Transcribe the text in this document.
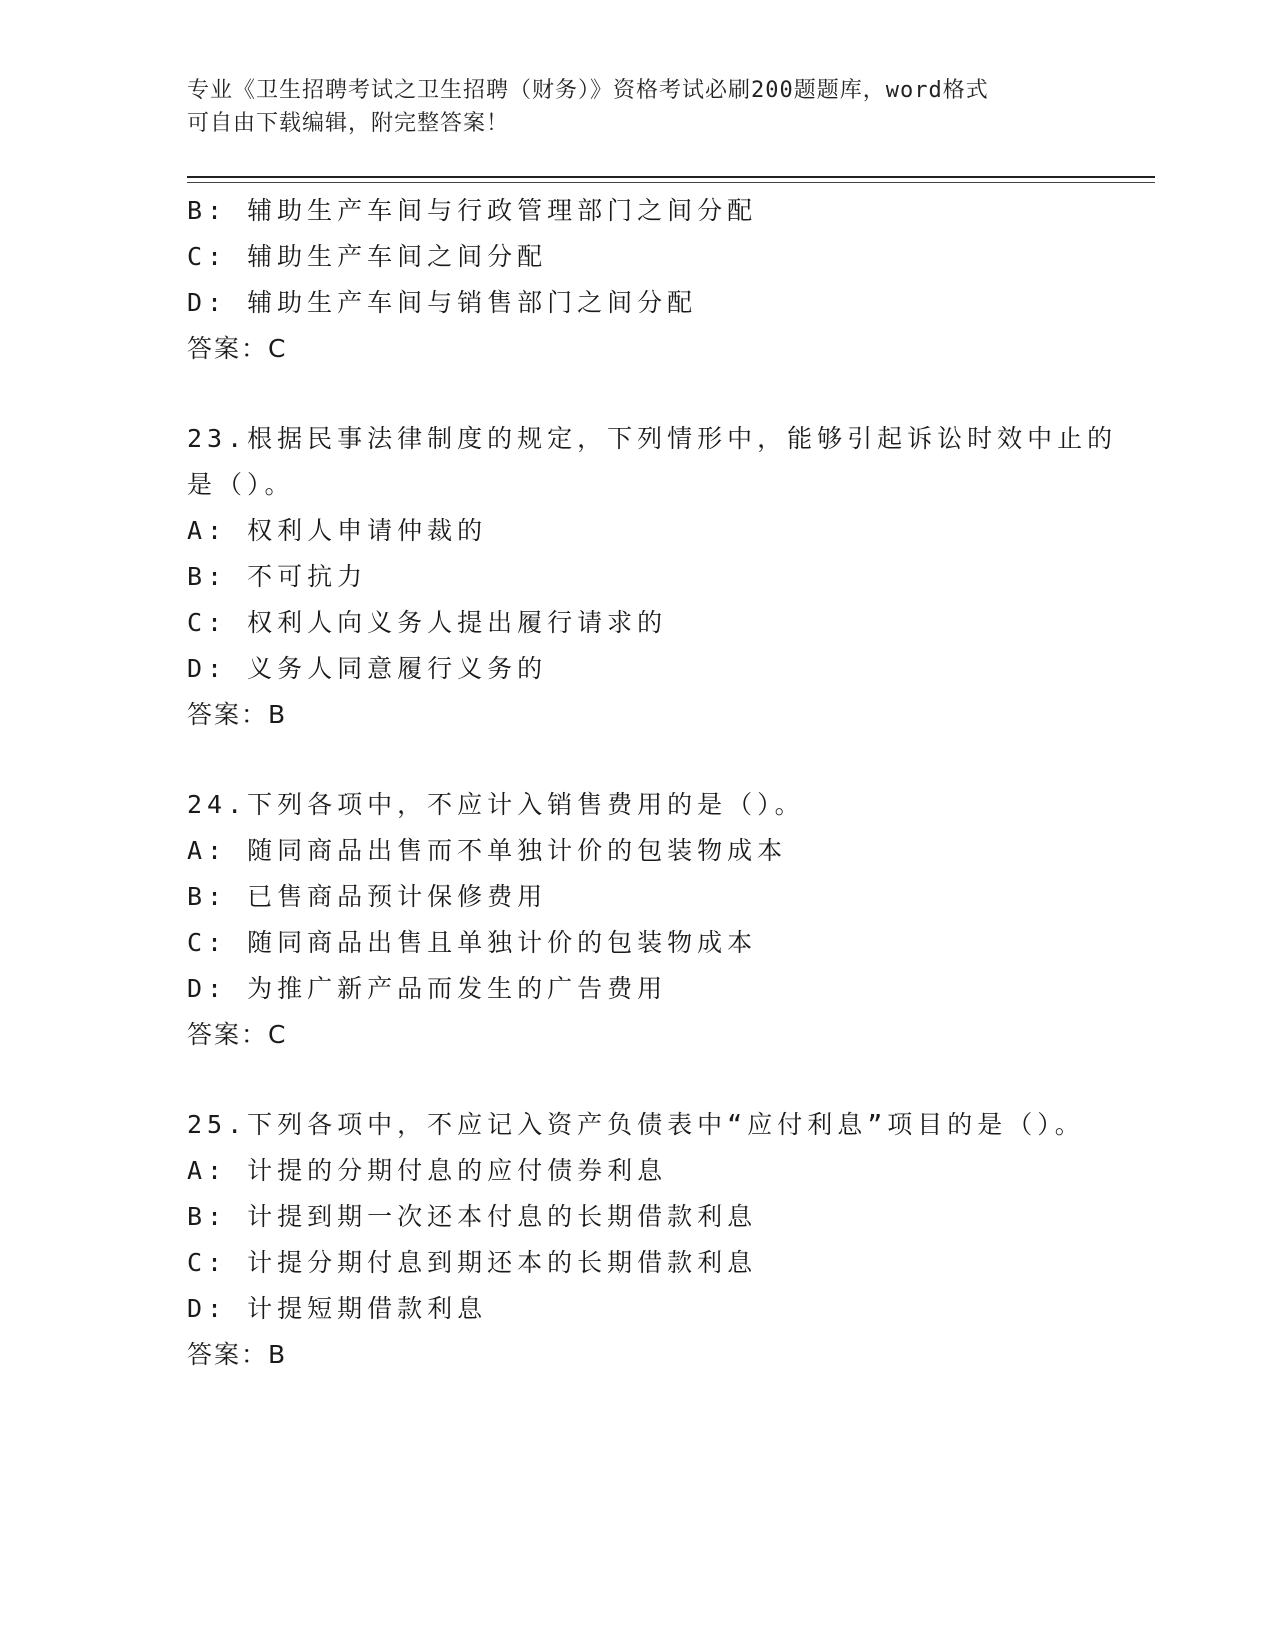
专业《卫生招聘考试之卫生招聘（财务）》资格考试必刷200题题库，word格式
可自由下载编辑，附完整答案！
B: 辅助生产车间与行政管理部门之间分配
C: 辅助生产车间之间分配
D: 辅助生产车间与销售部门之间分配
答案：C
23.根据民事法律制度的规定，下列情形中，能够引起诉讼时效中止的
是（）。
A: 权利人申请仲裁的
B: 不可抗力
C: 权利人向义务人提出履行请求的
D: 义务人同意履行义务的
答案：B
24.下列各项中，不应计入销售费用的是（）。
A: 随同商品出售而不单独计价的包装物成本
B: 已售商品预计保修费用
C: 随同商品出售且单独计价的包装物成本
D: 为推广新产品而发生的广告费用
答案：C
25.下列各项中，不应记入资产负债表中“应付利息”项目的是（）。
A: 计提的分期付息的应付债券利息
B: 计提到期一次还本付息的长期借款利息
C: 计提分期付息到期还本的长期借款利息
D: 计提短期借款利息
答案：B
